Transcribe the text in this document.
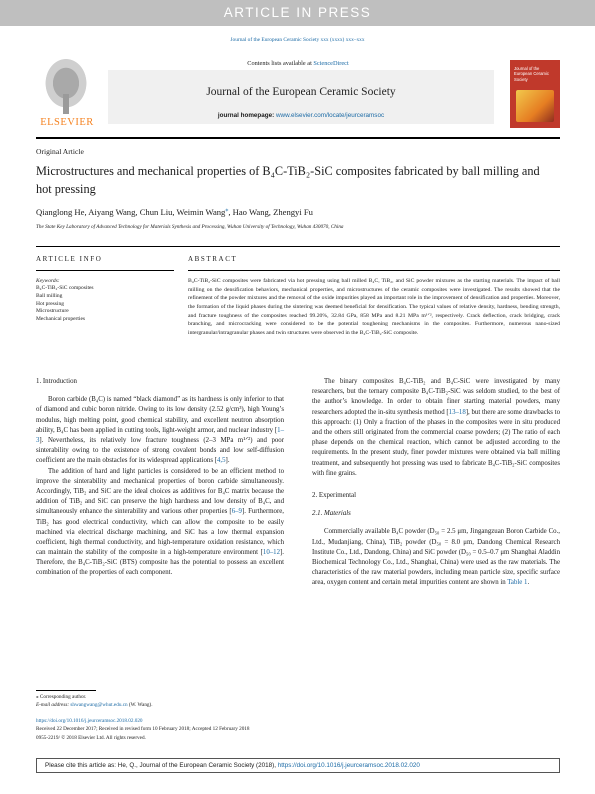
ARTICLE IN PRESS
Journal of the European Ceramic Society xxx (xxxx) xxx–xxx
ELSEVIER
Contents lists available at ScienceDirect
Journal of the European Ceramic Society
journal homepage: www.elsevier.com/locate/jeurceramsoc
Journal of the European Ceramic Society
Original Article
Microstructures and mechanical properties of B₄C-TiB₂-SiC composites fabricated by ball milling and hot pressing
Qianglong He, Aiyang Wang, Chun Liu, Weimin Wang⁎, Hao Wang, Zhengyi Fu
The State Key Laboratory of Advanced Technology for Materials Synthesis and Processing, Wuhan University of Technology, Wuhan 430070, China
ARTICLE INFO	ABSTRACT
Keywords:
B₄C-TiB₂-SiC composites
Ball milling
Hot pressing
Microstructure
Mechanical properties
B₄C-TiB₂-SiC composites were fabricated via hot pressing using ball milled B₄C, TiB₂, and SiC powder mixtures as the starting materials. The impact of ball milling on the densification behaviors, mechanical properties, and microstructures of the ceramic composites were investigated. The results showed that the refinement of the powder mixtures and the removal of the oxide impurities played an important role in the improvement of densification and properties. Moreover, the formation of the liquid phases during the sintering was deemed beneficial for densification. The typical values of relative density, hardness, bending strength, and fracture toughness of the composites reached 99.20%, 32.84 GPa, 858 MPa and 8.21 MPa m¹ᐟ², respectively. Crack deflection, crack bridging, crack branching, and microcracking were considered to be the potential toughening mechanisms in the composites. Furthermore, numerous nano-sized intergranular/intragranular phases and twin structures were observed in the B₄C-TiB₂-SiC composite.
1. Introduction

Boron carbide (B₄C) is named “black diamond” as its hardness is only inferior to that of diamond and cubic boron nitride. Owing to its low density (2.52 g/cm³), high Young’s modulus, high melting point, good chemical stability, and excellent neutron absorption ability, B₄C has been applied in cutting tools, light-weight armor, and nuclear industry [1–3]. Nevertheless, its relatively low fracture toughness (2–3 MPa m¹ᐟ²) and poor sinterability owing to the existence of strong covalent bonds and low self-diffusion coefficient are the main obstacles for its widespread applications [4,5].

The addition of hard and light particles is considered to be an efficient method to improve the sinterability and mechanical properties of boron carbide simultaneously. Accordingly, TiB₂ and SiC are the ideal choices as additives for B₄C matrix because the addition of TiB₂ and SiC can preserve the high hardness and low density of B₄C, and simultaneously enhance the sinterability and various other properties [6–9]. Furthermore, TiB₂ has good electrical conductivity, which can allow the composite to be easily machined via electrical discharge machining, and SiC has a low thermal expansion coefficient, high thermal conductivity, and high-temperature oxidation resistance, which can maintain the stability of the composite in a high-temperature environment [10–12]. Therefore, the B₄C-TiB₂-SiC (BTS) composite has the potential to possess an excellent combination of the properties of each component.

The binary composites B₄C-TiB₂ and B₄C-SiC were investigated by many researchers, but the ternary composite B₄C-TiB₂-SiC was seldom studied, to the best of the author’s knowledge. In order to obtain finer starting material powders, many researchers adopted the in-situ synthesis method [13–18], but there are some drawbacks to this approach: (1) Only a fraction of the phases in the composites were in situ produced and the others still originated from the commercial coarse powders; (2) The ratio of each phase depends on the chemical reaction, which cannot be adjusted according to the requirements. In the present study, finer powder mixtures were obtained via ball milling treatment, and subsequently hot pressing was used to fabricate B₄C-TiB₂-SiC composites with fine grains.

2. Experimental
2.1. Materials

Commercially available B₄C powder (D₅₀ = 2.5 μm, Jingangzuan Boron Carbide Co., Ltd., Mudanjiang, China), TiB₂ powder (D₅₀ = 8.0 μm, Dandong Chemical Research Institute Co., Ltd., Dandong, China) and SiC powder (D₅₀ = 0.5–0.7 μm Shanghai Aladdin Biochemical Technology Co., Ltd., Shanghai, China) were used as the raw materials. The characteristics of the raw material powders, including mean particle size, specific surface area, oxygen content and certain metal impurities content are shown in Table 1.

⁎ Corresponding author.
E-mail address: shwangwang@whut.edu.cn (W. Wang).
https://doi.org/10.1016/j.jeurceramsoc.2018.02.020
Received 22 December 2017; Received in revised form 10 February 2018; Accepted 12 February 2018
0955-2219/ © 2018 Elsevier Ltd. All rights reserved.
Please cite this article as: He, Q., Journal of the European Ceramic Society (2018), https://doi.org/10.1016/j.jeurceramsoc.2018.02.020
